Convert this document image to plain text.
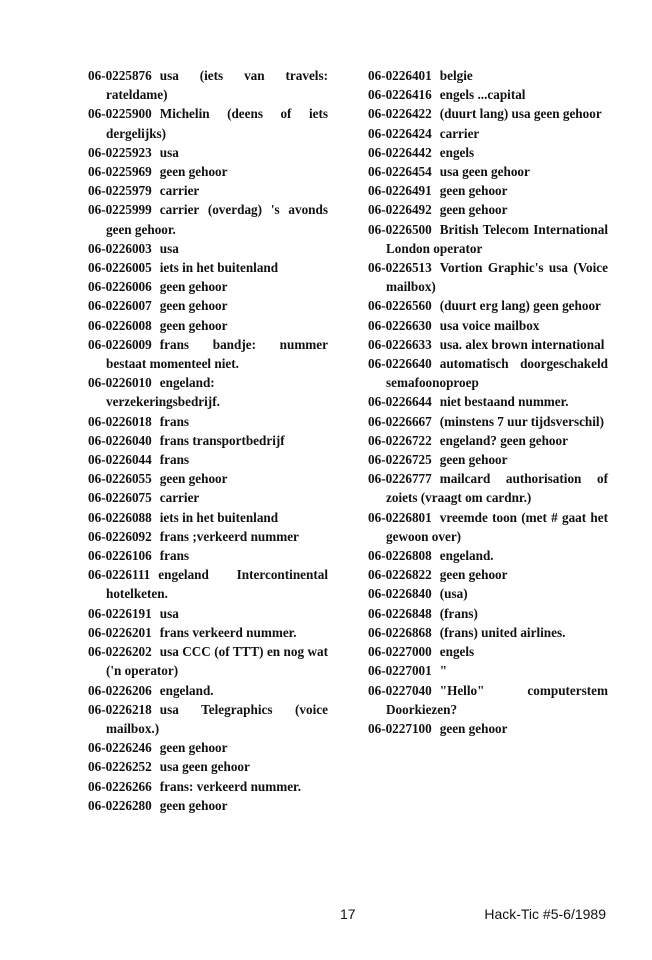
06-0225876 usa (iets van travels: rateldame)
06-0225900 Michelin (deens of iets dergelijks)
06-0225923 usa
06-0225969 geen gehoor
06-0225979 carrier
06-0225999 carrier (overdag) 's avonds geen gehoor.
06-0226003 usa
06-0226005 iets in het buitenland
06-0226006 geen gehoor
06-0226007 geen gehoor
06-0226008 geen gehoor
06-0226009 frans bandje: nummer bestaat momenteel niet.
06-0226010 engeland: verzekeringsbedrijf.
06-0226018 frans
06-0226040 frans transportbedrijf
06-0226044 frans
06-0226055 geen gehoor
06-0226075 carrier
06-0226088 iets in het buitenland
06-0226092 frans ;verkeerd nummer
06-0226106 frans
06-0226111 engeland Intercontinental hotelketen.
06-0226191 usa
06-0226201 frans verkeerd nummer.
06-0226202 usa CCC (of TTT) en nog wat ('n operator)
06-0226206 engeland.
06-0226218 usa Telegraphics (voice mailbox.)
06-0226246 geen gehoor
06-0226252 usa geen gehoor
06-0226266 frans: verkeerd nummer.
06-0226280 geen gehoor
06-0226401 belgie
06-0226416 engels ...capital
06-0226422 (duurt lang) usa geen gehoor
06-0226424 carrier
06-0226442 engels
06-0226454 usa geen gehoor
06-0226491 geen gehoor
06-0226492 geen gehoor
06-0226500 British Telecom International London operator
06-0226513 Vortion Graphic's usa (Voice mailbox)
06-0226560 (duurt erg lang) geen gehoor
06-0226630 usa voice mailbox
06-0226633 usa. alex brown international
06-0226640 automatisch doorgeschakeld semafoonoproep
06-0226644 niet bestaand nummer.
06-0226667 (minstens 7 uur tijdsverschil)
06-0226722 engeland? geen gehoor
06-0226725 geen gehoor
06-0226777 mailcard authorisation of zoiets (vraagt om cardnr.)
06-0226801 vreemde toon (met # gaat het gewoon over)
06-0226808 engeland.
06-0226822 geen gehoor
06-0226840 (usa)
06-0226848 (frans)
06-0226868 (frans) united airlines.
06-0227000 engels
06-0227001 "
06-0227040 "Hello" computerstem Doorkiezen?
06-0227100 geen gehoor
17	Hack-Tic #5-6/1989
